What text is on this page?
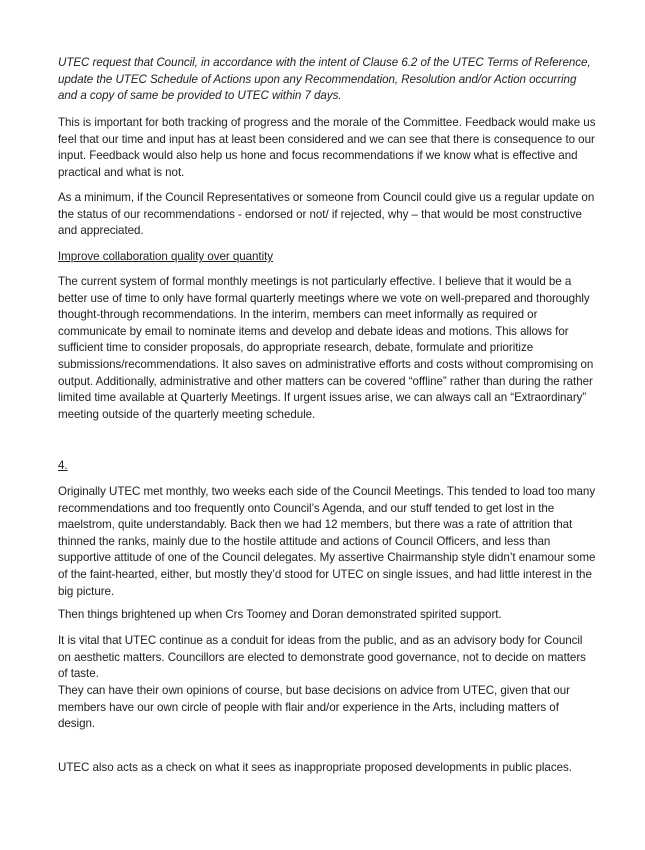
UTEC request that Council, in accordance with the intent of Clause 6.2 of the UTEC Terms of Reference, update the UTEC Schedule of Actions upon any Recommendation, Resolution and/or Action occurring and a copy of same be provided to UTEC within 7 days.

This is important for both tracking of progress and the morale of the Committee. Feedback would make us feel that our time and input has at least been considered and we can see that there is consequence to our input. Feedback would also help us hone and focus recommendations if we know what is effective and practical and what is not.

As a minimum, if the Council Representatives or someone from Council could give us a regular update on the status of our recommendations - endorsed or not/ if rejected, why – that would be most constructive and appreciated.

Improve collaboration quality over quantity

The current system of formal monthly meetings is not particularly effective. I believe that it would be a better use of time to only have formal quarterly meetings where we vote on well-prepared and thoroughly thought-through recommendations. In the interim, members can meet informally as required or communicate by email to nominate items and develop and debate ideas and motions. This allows for sufficient time to consider proposals, do appropriate research, debate, formulate and prioritize submissions/recommendations. It also saves on administrative efforts and costs without compromising on output. Additionally, administrative and other matters can be covered “offline” rather than during the rather limited time available at Quarterly Meetings. If urgent issues arise, we can always call an “Extraordinary” meeting outside of the quarterly meeting schedule.

4.

Originally UTEC met monthly, two weeks each side of the Council Meetings. This tended to load too many recommendations and too frequently onto Council’s Agenda, and our stuff tended to get lost in the maelstrom, quite understandably. Back then we had 12 members, but there was a rate of attrition that thinned the ranks, mainly due to the hostile attitude and actions of Council Officers, and less than supportive attitude of one of the Council delegates. My assertive Chairmanship style didn’t enamour some of the faint-hearted, either, but mostly they’d stood for UTEC on single issues, and had little interest in the big picture.

Then things brightened up when Crs Toomey and Doran demonstrated spirited support.

It is vital that UTEC continue as a conduit for ideas from the public, and as an advisory body for Council on aesthetic matters. Councillors are elected to demonstrate good governance, not to decide on matters of taste.

They can have their own opinions of course, but base decisions on advice from UTEC, given that our members have our own circle of people with flair and/or experience in the Arts, including matters of design.

UTEC also acts as a check on what it sees as inappropriate proposed developments in public places.
